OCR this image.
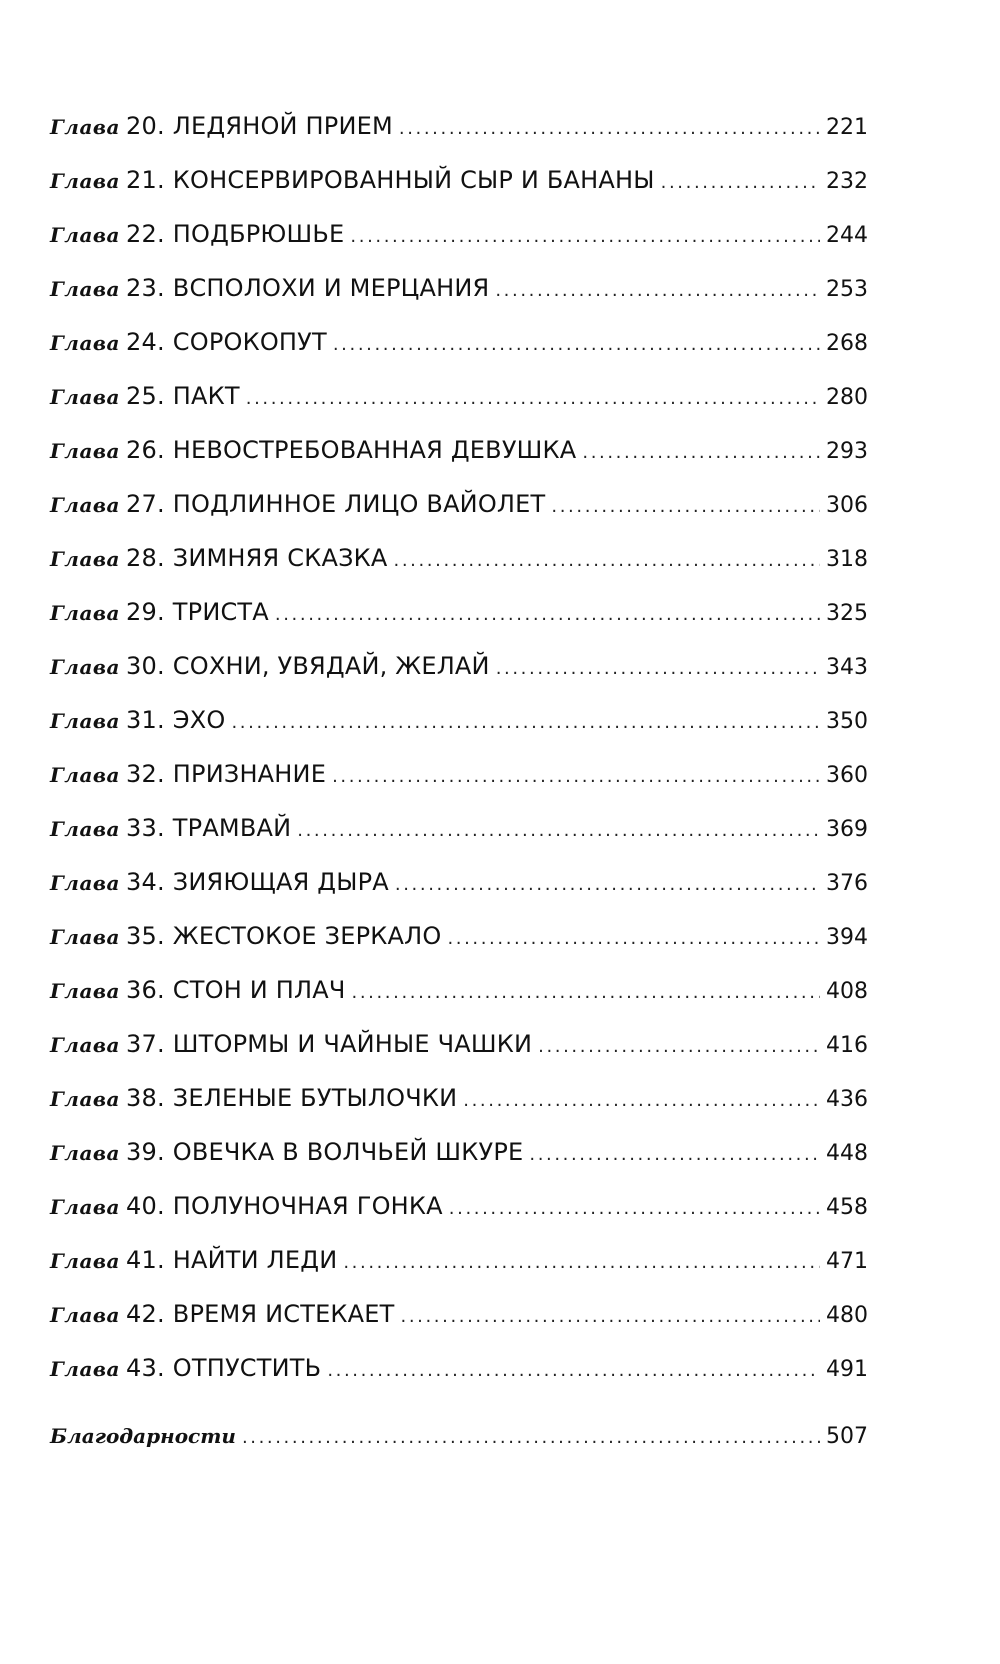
Глава 20. ЛЕДЯНОЙ ПРИЕМ .....	221
Глава 21. КОНСЕРВИРОВАННЫЙ СЫР И БАНАНЫ .....	232
Глава 22. ПОДБРЮШЬЕ .....	244
Глава 23. ВСПОЛОХИ И МЕРЦАНИЯ .....	253
Глава 24. СОРОКОПУТ .....	268
Глава 25. ПАКТ .....	280
Глава 26. НЕВОСТРЕБОВАННАЯ ДЕВУШКА .....	293
Глава 27. ПОДЛИННОЕ ЛИЦО ВАЙОЛЕТ .....	306
Глава 28. ЗИМНЯЯ СКАЗКА .....	318
Глава 29. ТРИСТА .....	325
Глава 30. СОХНИ, УВЯДАЙ, ЖЕЛАЙ .....	343
Глава 31. ЭХО .....	350
Глава 32. ПРИЗНАНИЕ .....	360
Глава 33. ТРАМВАЙ .....	369
Глава 34. ЗИЯЮЩАЯ ДЫРА .....	376
Глава 35. ЖЕСТОКОЕ ЗЕРКАЛО .....	394
Глава 36. СТОН И ПЛАЧ .....	408
Глава 37. ШТОРМЫ И ЧАЙНЫЕ ЧАШКИ .....	416
Глава 38. ЗЕЛЕНЫЕ БУТЫЛОЧКИ .....	436
Глава 39. ОВЕЧКА В ВОЛЧЬЕЙ ШКУРЕ .....	448
Глава 40. ПОЛУНОЧНАЯ ГОНКА .....	458
Глава 41. НАЙТИ ЛЕДИ .....	471
Глава 42. ВРЕМЯ ИСТЕКАЕТ .....	480
Глава 43. ОТПУСТИТЬ .....	491
Благодарности .....	507
